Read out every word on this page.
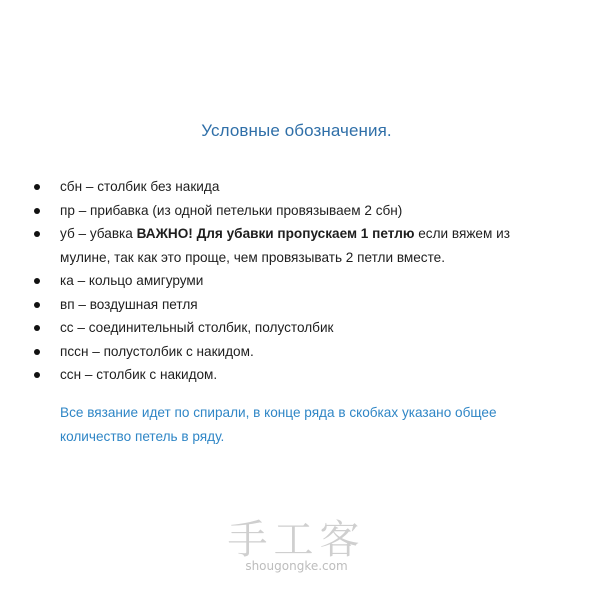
Условные обозначения.
сбн – столбик без накида
пр – прибавка (из одной петельки провязываем 2 сбн)
уб – убавка ВАЖНО! Для убавки пропускаем 1 петлю если вяжем из мулине, так как это проще, чем провязывать 2 петли вместе.
ка – кольцо амигуруми
вп – воздушная петля
сс – соединительный столбик, полустолбик
пссн – полустолбик с накидом.
ссн – столбик с накидом.
Все вязание идет по спирали, в конце ряда в скобках указано общее количество петель в ряду.
手工客
shougongke.com
